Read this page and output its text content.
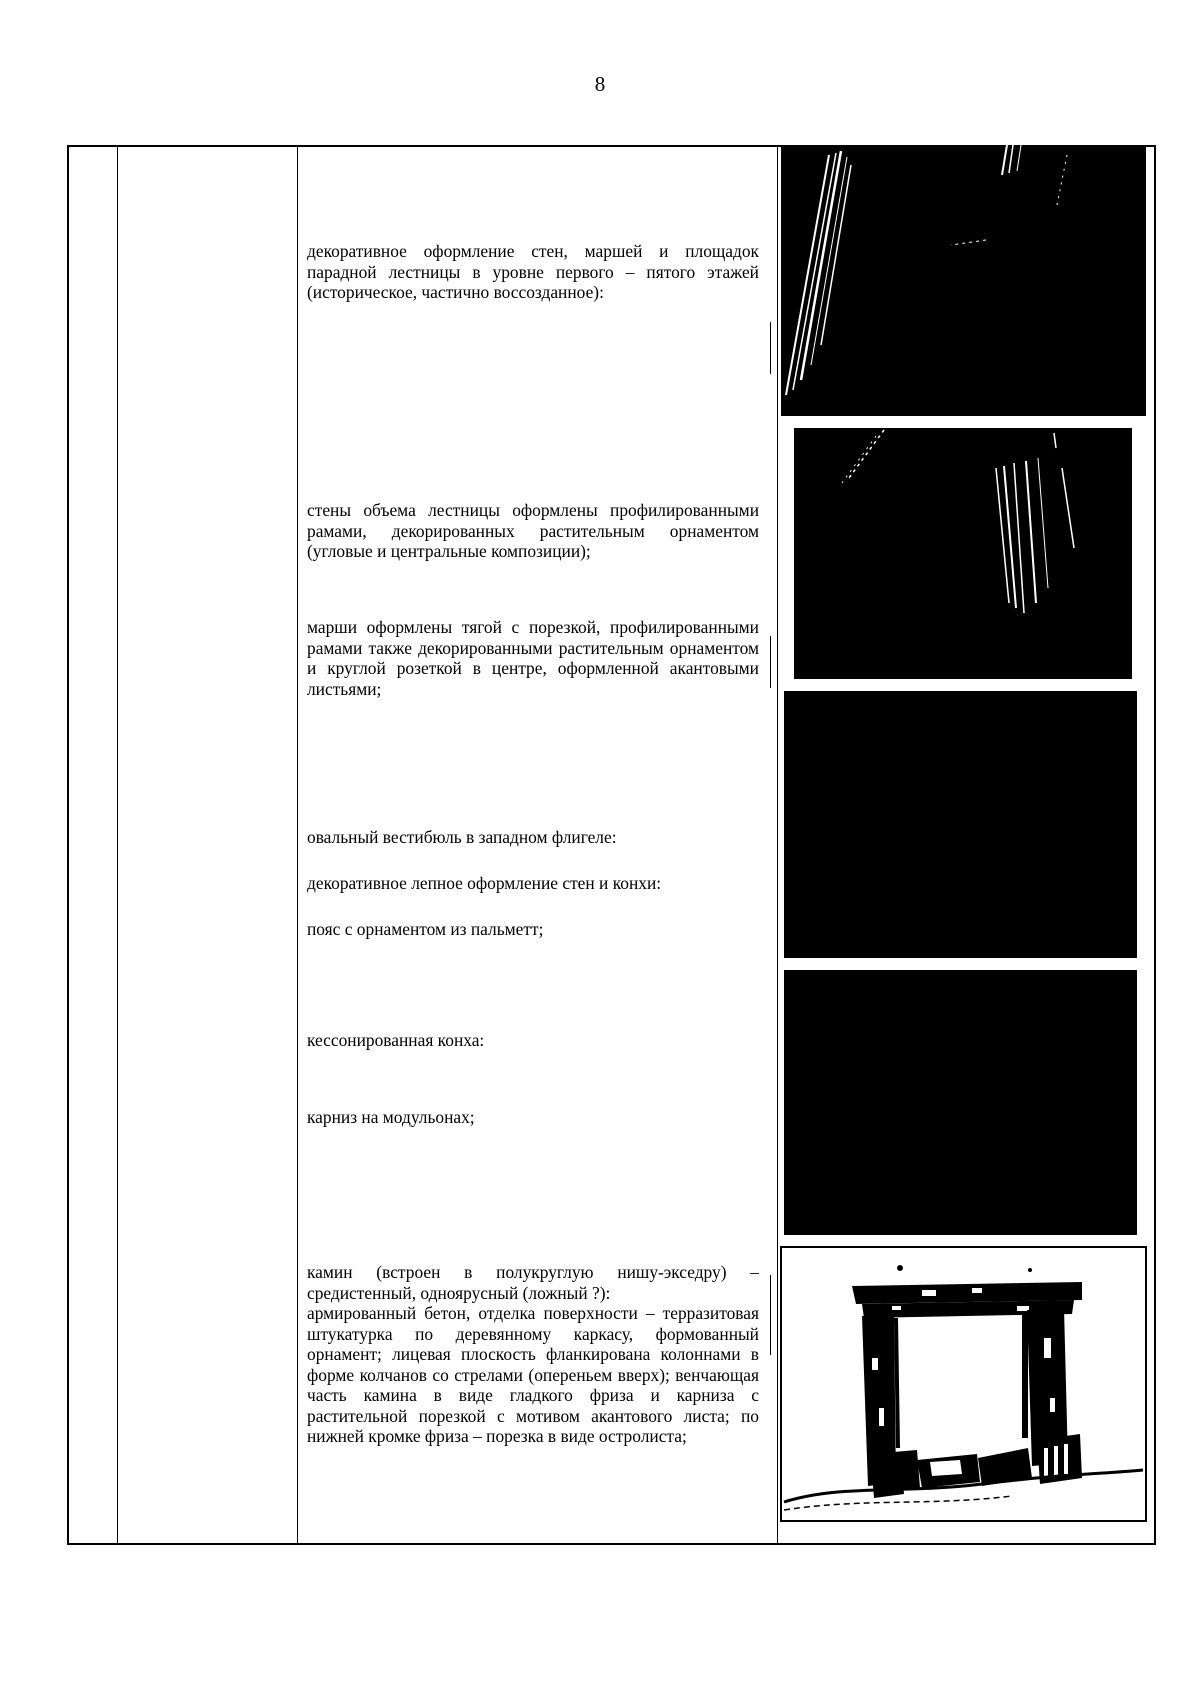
8
декоративное оформление стен, маршей и площадок парадной лестницы в уровне первого – пятого этажей (историческое, частично воссозданное):
стены объема лестницы оформлены профилированными рамами, декорированных растительным орнаментом (угловые и центральные композиции);
марши оформлены тягой с порезкой, профилированными рамами также декорированными растительным орнаментом и круглой розеткой в центре, оформленной акантовыми листьями;
овальный вестибюль в западном флигеле:
декоративное лепное оформление стен и конхи:
пояс с орнаментом из пальметт;
кессонированная конха:
карниз на модульонах;
камин (встроен в полукруглую нишу-экседру) – средистенный, одноярусный (ложный ?):
армированный бетон, отделка поверхности – терразитовая штукатурка по деревянному каркасу, формованный орнамент; лицевая плоскость фланкирована колоннами в форме колчанов со стрелами (опереньем вверх); венчающая часть камина в виде гладкого фриза и карниза с растительной порезкой с мотивом акантового листа; по нижней кромке фриза – порезка в виде остролиста;
